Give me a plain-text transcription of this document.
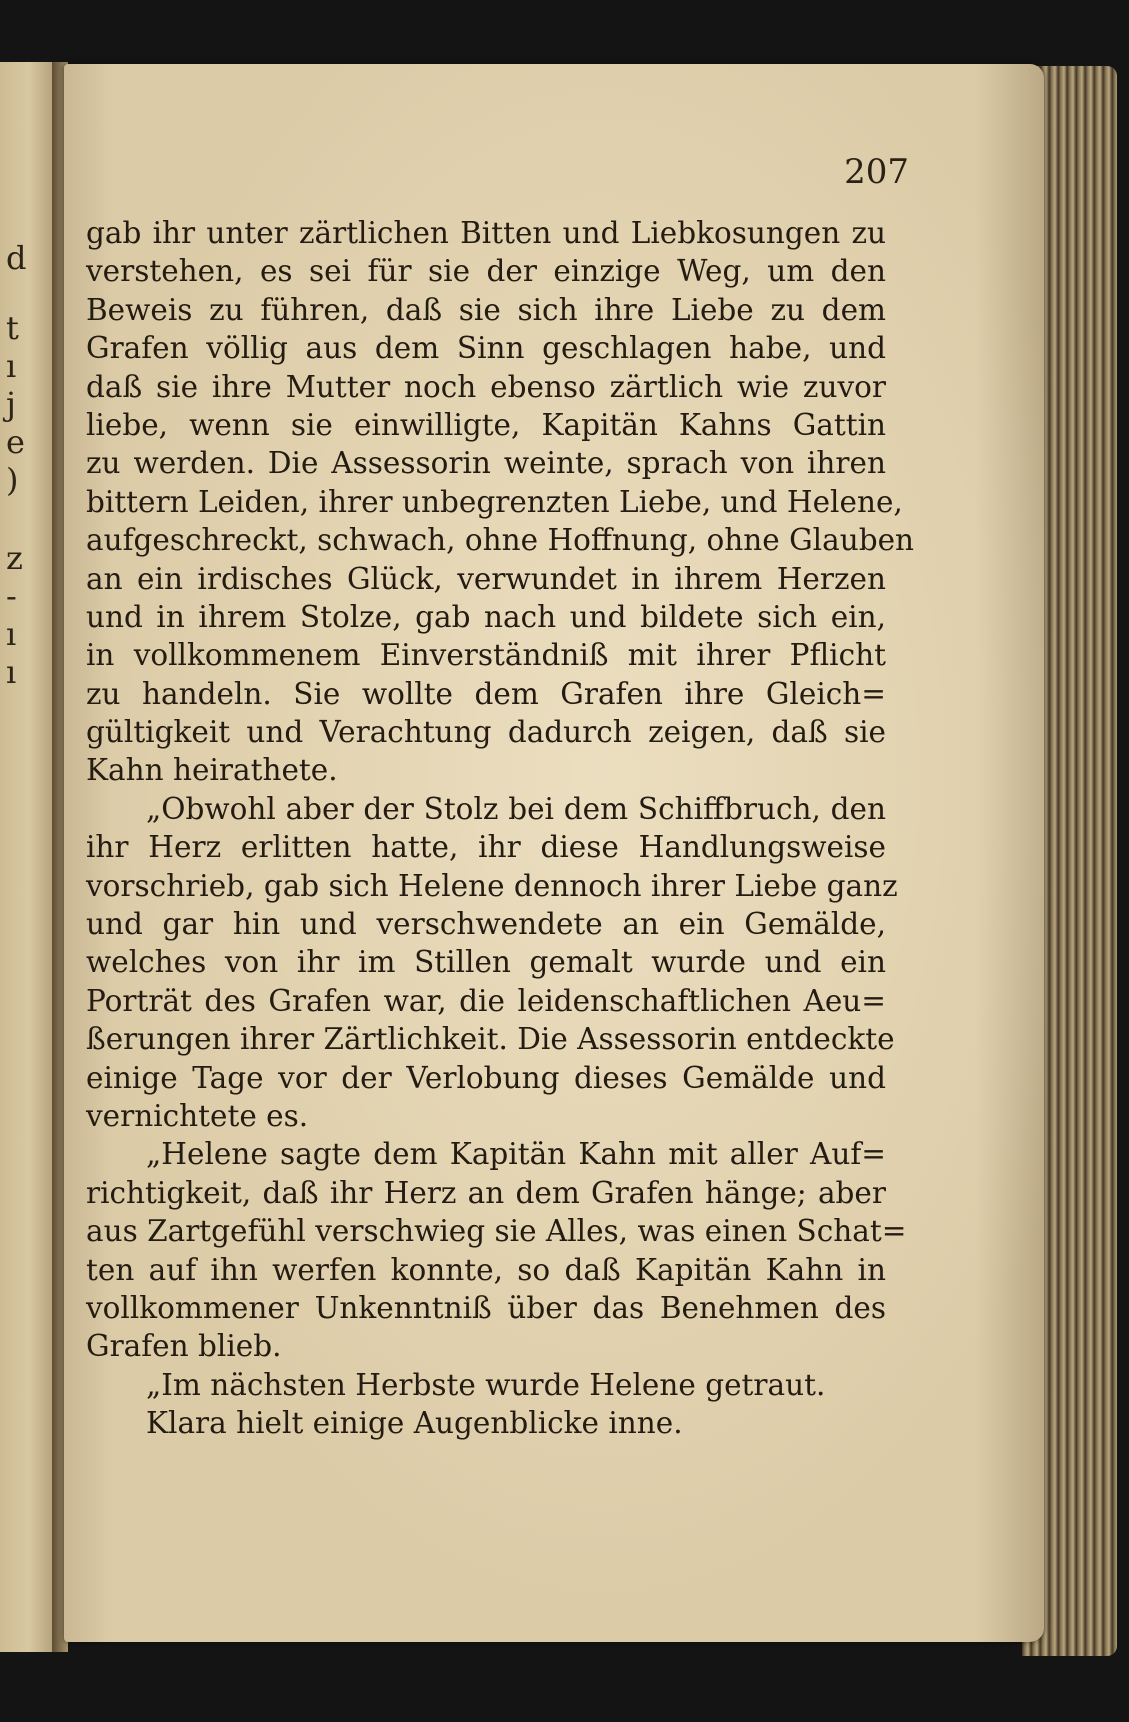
d
t
ı
j
e
)
z
-
ı
ı
207
gab ihr unter zärtlichen Bitten und Liebkosungen zu
verstehen, es sei für sie der einzige Weg, um den
Beweis zu führen, daß sie sich ihre Liebe zu dem
Grafen völlig aus dem Sinn geschlagen habe, und
daß sie ihre Mutter noch ebenso zärtlich wie zuvor
liebe, wenn sie einwilligte, Kapitän Kahns Gattin
zu werden. Die Assessorin weinte, sprach von ihren
bittern Leiden, ihrer unbegrenzten Liebe, und Helene,
aufgeschreckt, schwach, ohne Hoffnung, ohne Glauben
an ein irdisches Glück, verwundet in ihrem Herzen
und in ihrem Stolze, gab nach und bildete sich ein,
in vollkommenem Einverständniß mit ihrer Pflicht
zu handeln. Sie wollte dem Grafen ihre Gleich=
gültigkeit und Verachtung dadurch zeigen, daß sie
Kahn heirathete.
„Obwohl aber der Stolz bei dem Schiffbruch, den
ihr Herz erlitten hatte, ihr diese Handlungsweise
vorschrieb, gab sich Helene dennoch ihrer Liebe ganz
und gar hin und verschwendete an ein Gemälde,
welches von ihr im Stillen gemalt wurde und ein
Porträt des Grafen war, die leidenschaftlichen Aeu=
ßerungen ihrer Zärtlichkeit. Die Assessorin entdeckte
einige Tage vor der Verlobung dieses Gemälde und
vernichtete es.
„Helene sagte dem Kapitän Kahn mit aller Auf=
richtigkeit, daß ihr Herz an dem Grafen hänge; aber
aus Zartgefühl verschwieg sie Alles, was einen Schat=
ten auf ihn werfen konnte, so daß Kapitän Kahn in
vollkommener Unkenntniß über das Benehmen des
Grafen blieb.
„Im nächsten Herbste wurde Helene getraut.
Klara hielt einige Augenblicke inne.
